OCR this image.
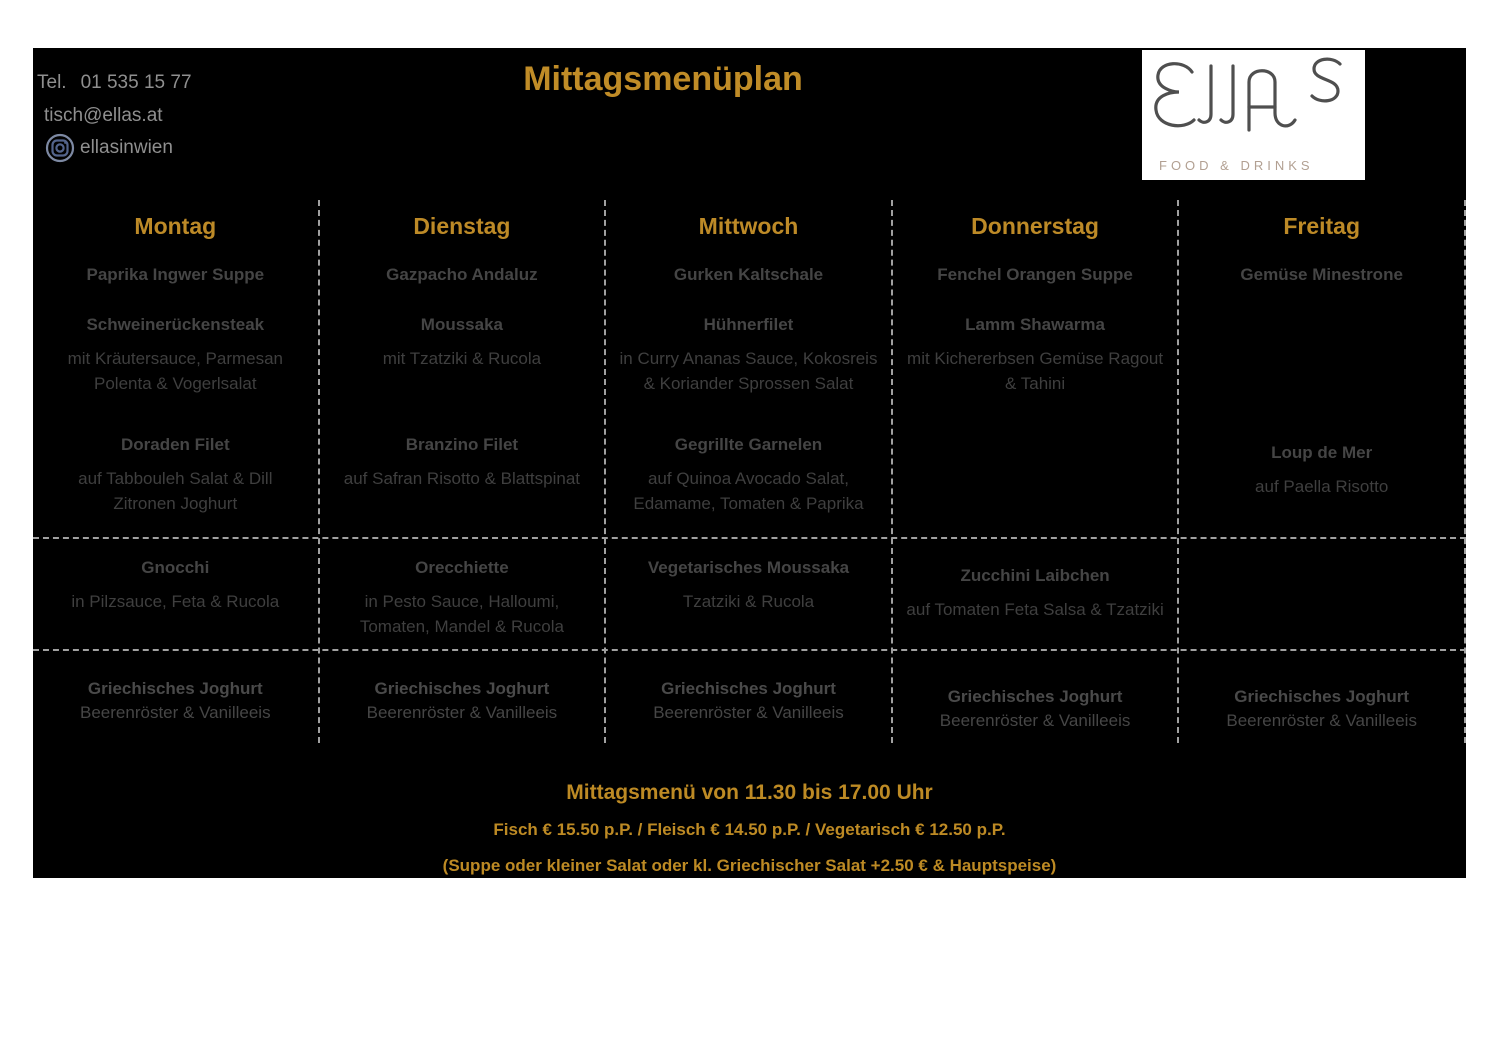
Tel. 01 535 15 77
tisch@ellas.at
ellasinwien
Mittagsmenüplan
FOOD & DRINKS
Montag
Paprika Ingwer Suppe
Schweinerückensteak
mit Kräutersauce, Parmesan Polenta & Vogerlsalat
Doraden Filet
auf Tabbouleh Salat & Dill Zitronen Joghurt
Gnocchi
in Pilzsauce, Feta & Rucola
Griechisches Joghurt
Beerenröster & Vanilleeis
Dienstag
Gazpacho Andaluz
Moussaka
mit Tzatziki & Rucola
Branzino Filet
auf Safran Risotto & Blattspinat
Orecchiette
in Pesto Sauce, Halloumi, Tomaten, Mandel & Rucola
Griechisches Joghurt
Beerenröster & Vanilleeis
Mittwoch
Gurken Kaltschale
Hühnerfilet
in Curry Ananas Sauce, Kokosreis & Koriander Sprossen Salat
Gegrillte Garnelen
auf Quinoa Avocado Salat, Edamame, Tomaten & Paprika
Vegetarisches Moussaka
Tzatziki & Rucola
Griechisches Joghurt
Beerenröster & Vanilleeis
Donnerstag
Fenchel Orangen Suppe
Lamm Shawarma
mit Kichererbsen Gemüse Ragout & Tahini
Zucchini Laibchen
auf Tomaten Feta Salsa & Tzatziki
Griechisches Joghurt
Beerenröster & Vanilleeis
Freitag
Gemüse Minestrone
Loup de Mer
auf Paella Risotto
Griechisches Joghurt
Beerenröster & Vanilleeis
Mittagsmenü von 11.30 bis 17.00 Uhr
Fisch € 15.50 p.P. / Fleisch € 14.50 p.P. / Vegetarisch € 12.50 p.P.
(Suppe oder kleiner Salat oder kl. Griechischer Salat +2.50 € & Hauptspeise)
